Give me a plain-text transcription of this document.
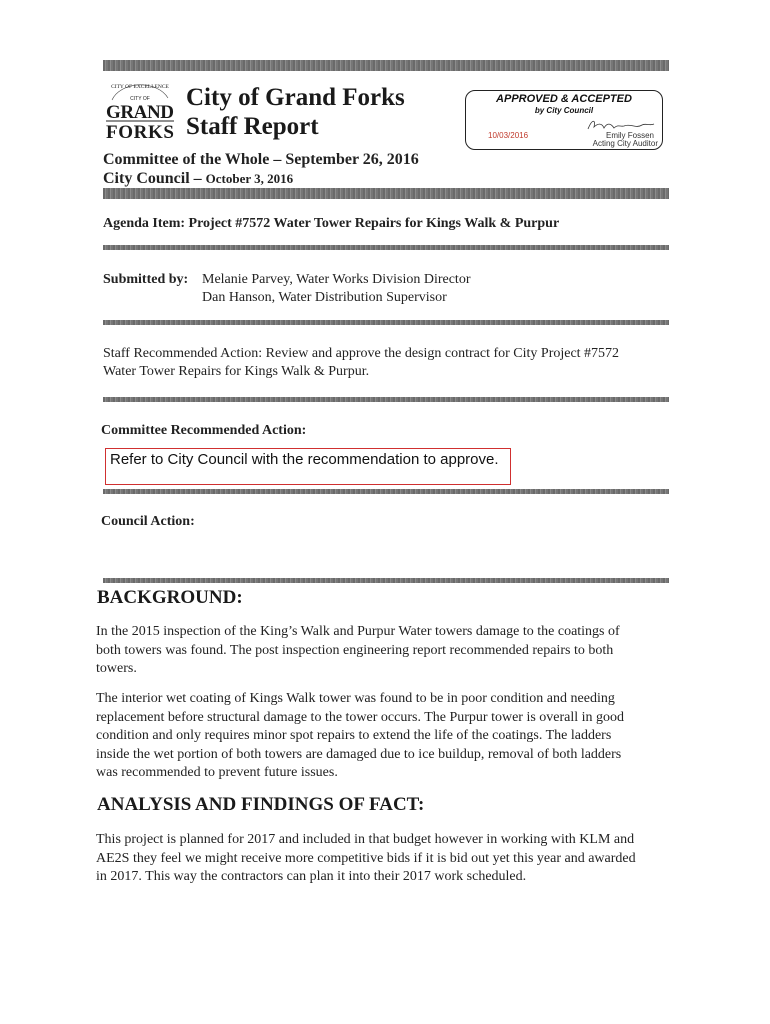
CITY OF EXCELLENCE
CITY OF
GRAND
FORKS
City of Grand Forks
Staff Report
APPROVED & ACCEPTED
by City Council
10/03/2016	Emily Fossen
Acting City Auditor
Committee of the Whole – September 26, 2016
City Council – October 3, 2016
Agenda Item: Project #7572 Water Tower Repairs for Kings Walk & Purpur
Submitted by: Melanie Parvey, Water Works Division Director
Dan Hanson, Water Distribution Supervisor
Staff Recommended Action: Review and approve the design contract for City Project #7572
Water Tower Repairs for Kings Walk & Purpur.
Committee Recommended Action:
Refer to City Council with the recommendation to approve.
Council Action:
BACKGROUND:
In the 2015 inspection of the King’s Walk and Purpur Water towers damage to the coatings of
both towers was found. The post inspection engineering report recommended repairs to both
towers.
The interior wet coating of Kings Walk tower was found to be in poor condition and needing
replacement before structural damage to the tower occurs. The Purpur tower is overall in good
condition and only requires minor spot repairs to extend the life of the coatings. The ladders
inside the wet portion of both towers are damaged due to ice buildup, removal of both ladders
was recommended to prevent future issues.
ANALYSIS AND FINDINGS OF FACT:
This project is planned for 2017 and included in that budget however in working with KLM and
AE2S they feel we might receive more competitive bids if it is bid out yet this year and awarded
in 2017. This way the contractors can plan it into their 2017 work scheduled.
